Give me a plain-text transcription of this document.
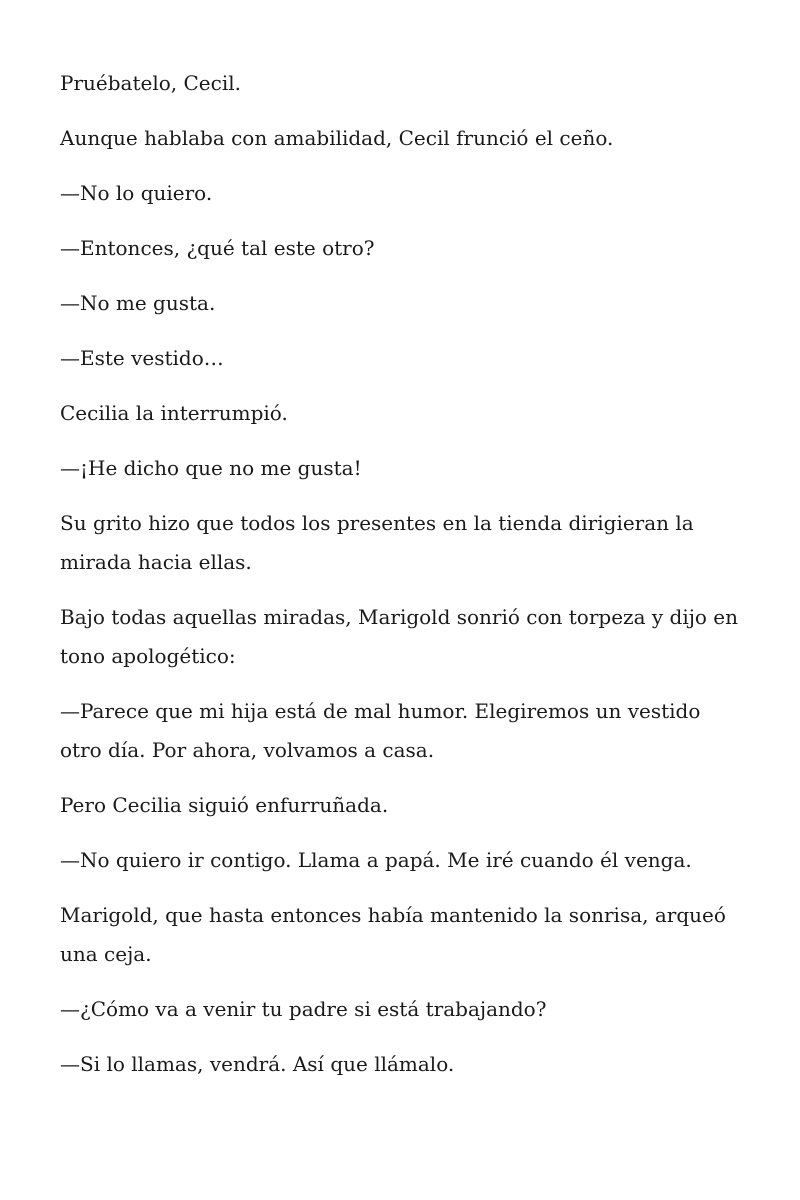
Pruébatelo, Cecil.

Aunque hablaba con amabilidad, Cecil frunció el ceño.

—No lo quiero.

—Entonces, ¿qué tal este otro?

—No me gusta.

—Este vestido…

Cecilia la interrumpió.

—¡He dicho que no me gusta!

Su grito hizo que todos los presentes en la tienda dirigieran la mirada hacia ellas.

Bajo todas aquellas miradas, Marigold sonrió con torpeza y dijo en tono apologético:

—Parece que mi hija está de mal humor. Elegiremos un vestido otro día. Por ahora, volvamos a casa.

Pero Cecilia siguió enfurruñada.

—No quiero ir contigo. Llama a papá. Me iré cuando él venga.

Marigold, que hasta entonces había mantenido la sonrisa, arqueó una ceja.

—¿Cómo va a venir tu padre si está trabajando?

—Si lo llamas, vendrá. Así que llámalo.
